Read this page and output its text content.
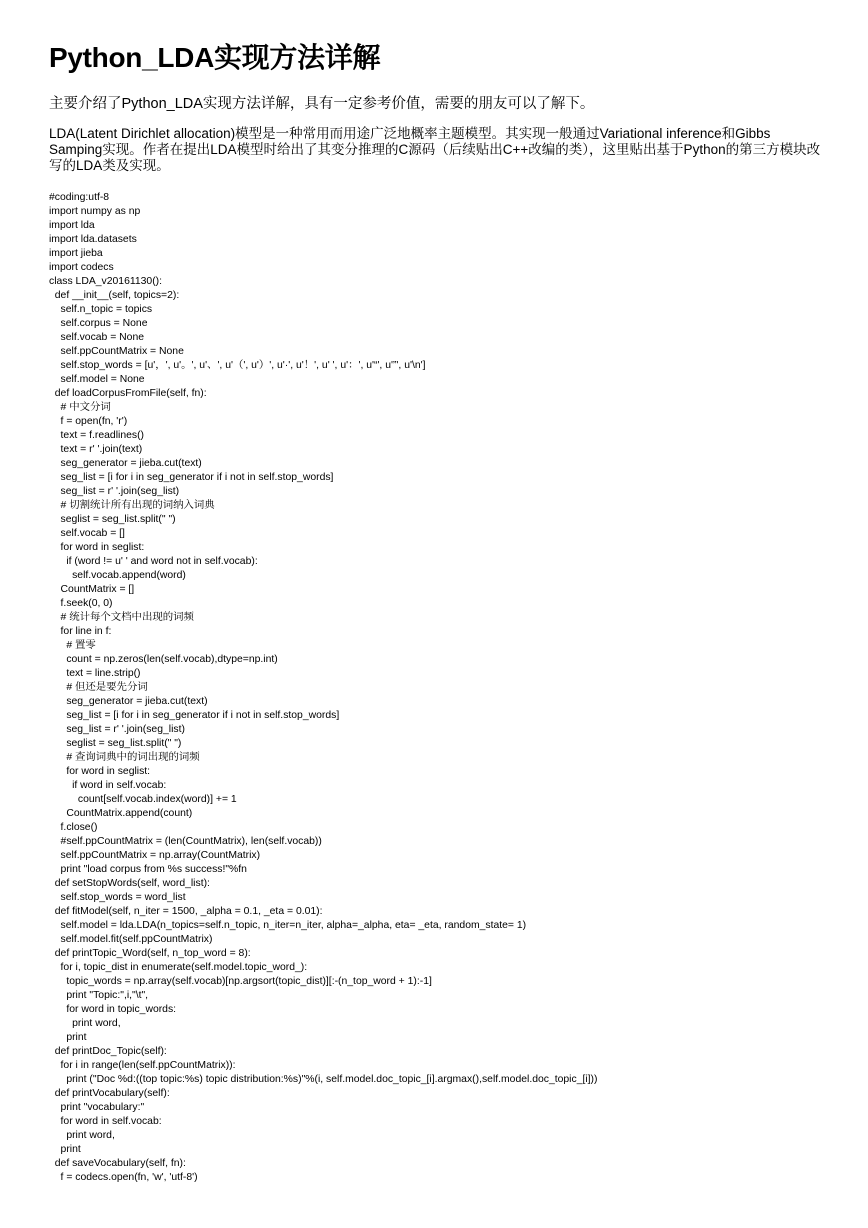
Python_LDA实现方法详解

主要介绍了Python_LDA实现方法详解，具有一定参考价值，需要的朋友可以了解下。

LDA(Latent Dirichlet allocation)模型是一种常用而用途广泛地概率主题模型。其实现一般通过Variational inference和Gibbs Samping实现。作者在提出LDA模型时给出了其变分推理的C源码（后续贴出C++改编的类），这里贴出基于Python的第三方模块改写的LDA类及实现。

#coding:utf-8
import numpy as np
import lda
import lda.datasets
import jieba
import codecs
class LDA_v20161130():
def __init__(self, topics=2):
self.n_topic = topics
self.corpus = None
self.vocab = None
self.ppCountMatrix = None
self.stop_words = [u'，', u'。', u'、', u'（', u'）', u'·', u'！', u' ', u'：', u'“', u'”', u'\n']
self.model = None
def loadCorpusFromFile(self, fn):
# 中文分词
f = open(fn, 'r')
text = f.readlines()
text = r' '.join(text)
seg_generator = jieba.cut(text)
seg_list = [i for i in seg_generator if i not in self.stop_words]
seg_list = r' '.join(seg_list)
# 切割统计所有出现的词纳入词典
seglist = seg_list.split(" ")
self.vocab = []
for word in seglist:
if (word != u' ' and word not in self.vocab):
self.vocab.append(word)
CountMatrix = []
f.seek(0, 0)
# 统计每个文档中出现的词频
for line in f:
# 置零
count = np.zeros(len(self.vocab),dtype=np.int)
text = line.strip()
# 但还是要先分词
seg_generator = jieba.cut(text)
seg_list = [i for i in seg_generator if i not in self.stop_words]
seg_list = r' '.join(seg_list)
seglist = seg_list.split(" ")
# 查询词典中的词出现的词频
for word in seglist:
if word in self.vocab:
count[self.vocab.index(word)] += 1
CountMatrix.append(count)
f.close()
#self.ppCountMatrix = (len(CountMatrix), len(self.vocab))
self.ppCountMatrix = np.array(CountMatrix)
print "load corpus from %s success!"%fn
def setStopWords(self, word_list):
self.stop_words = word_list
def fitModel(self, n_iter = 1500, _alpha = 0.1, _eta = 0.01):
self.model = lda.LDA(n_topics=self.n_topic, n_iter=n_iter, alpha=_alpha, eta= _eta, random_state= 1)
self.model.fit(self.ppCountMatrix)
def printTopic_Word(self, n_top_word = 8):
for i, topic_dist in enumerate(self.model.topic_word_):
topic_words = np.array(self.vocab)[np.argsort(topic_dist)][:-(n_top_word + 1):-1]
print "Topic:",i,"\t",
for word in topic_words:
print word,
print
def printDoc_Topic(self):
for i in range(len(self.ppCountMatrix)):
print ("Doc %d:((top topic:%s) topic distribution:%s)"%(i, self.model.doc_topic_[i].argmax(),self.model.doc_topic_[i]))
def printVocabulary(self):
print "vocabulary:"
for word in self.vocab:
print word,
print
def saveVocabulary(self, fn):
f = codecs.open(fn, 'w', 'utf-8')
